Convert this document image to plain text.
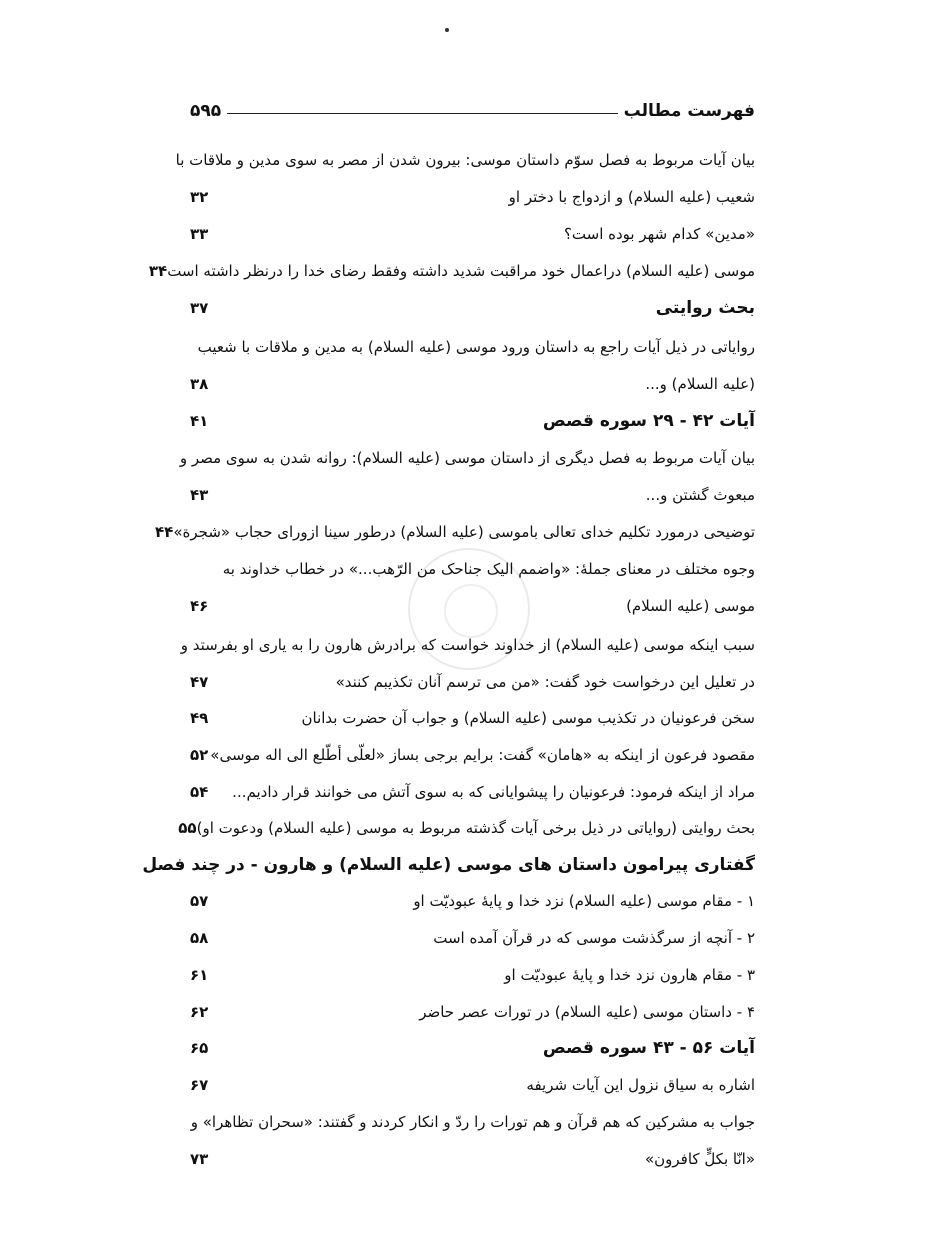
فهرست مطالب
۵۹۵
بیان آیات مربوط به فصل سوّم داستان موسی: بیرون شدن از مصر به سوی مدین و ملاقات با
شعیب (علیه السلام) و ازدواج با دختر او
۳۲
«مدین» کدام شهر بوده است؟
۳۳
موسی (علیه السلام) دراعمال خود مراقبت شدید داشته وفقط رضای خدا را درنظر داشته است
۳۴
بحث روایتی
۳۷
روایاتی در ذیل آیات راجع به داستان ورود موسی (علیه السلام) به مدین و ملاقات با شعیب
(علیه السلام) و...
۳۸
آیات ۴۲ - ۲۹ سوره قصص
۴۱
بیان آیات مربوط به فصل دیگری از داستان موسی (علیه السلام): روانه شدن به سوی مصر و
مبعوث گشتن و...
۴۳
توضیحی درمورد تکلیم خدای تعالی باموسی (علیه السلام) درطور سینا ازورای حجاب «شجرة»
۴۴
وجوه مختلف در معنای جملهٔ: «واضمم الیک جناحک من الرّهب...» در خطاب خداوند به
موسی (علیه السلام)
۴۶
سبب اینکه موسی (علیه السلام) از خداوند خواست که برادرش هارون را به یاری او بفرستد و
در تعلیل این درخواست خود گفت: «من می ترسم آنان تکذیبم کنند»
۴۷
سخن فرعونیان در تکذیب موسی (علیه السلام) و جواب آن حضرت بدانان
۴۹
مقصود فرعون از اینکه به «هامان» گفت: برایم برجی بساز «لعلّی أطّلع الی اله موسی»
۵۲
مراد از اینکه فرمود: فرعونیان را پیشوایانی که به سوی آتش می خوانند قرار دادیم...
۵۴
بحث روایتی (روایاتی در ذیل برخی آیات گذشته مربوط به موسی (علیه السلام) ودعوت او)
۵۵
گفتاری پیرامون داستان های موسی (علیه السلام) و هارون - در چند فصل
۱ - مقام موسی (علیه السلام) نزد خدا و پایهٔ عبودیّت او
۵۷
۲ - آنچه از سرگذشت موسی که در قرآن آمده است
۵۸
۳ - مقام هارون نزد خدا و پایهٔ عبودیّت او
۶۱
۴ - داستان موسی (علیه السلام) در تورات عصر حاضر
۶۲
آیات ۵۶ - ۴۳ سوره قصص
۶۵
اشاره به سیاق نزول این آیات شریفه
۶۷
جواب به مشرکین که هم قرآن و هم تورات را ردّ و انکار کردند و گفتند: «سحران تظاهرا» و
«انّا بکلٍّ کافرون»
۷۳
